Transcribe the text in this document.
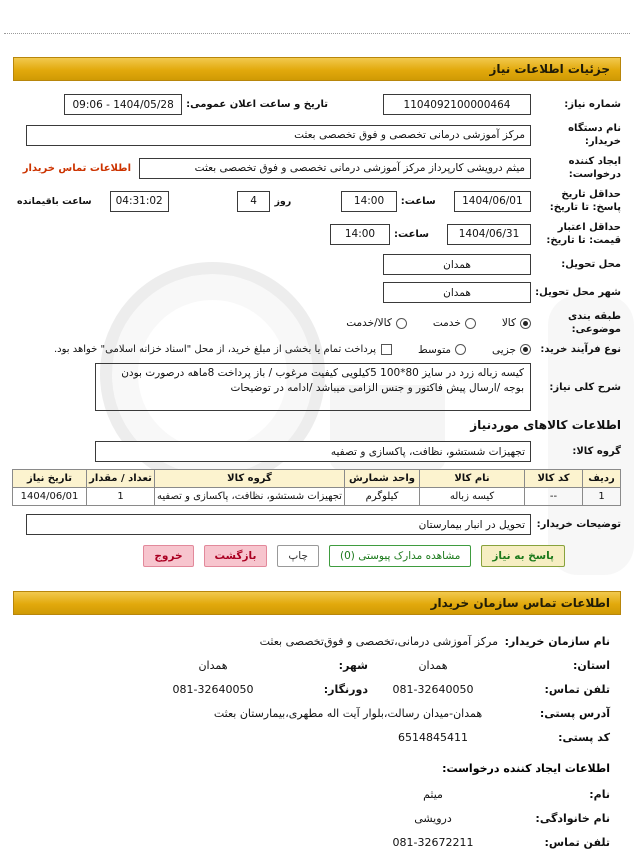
جزئیات اطلاعات نیاز
شماره نیاز:
1104092100000464
تاریخ و ساعت اعلان عمومی:
1404/05/28 - 09:06
نام دستگاه خریدار:
مرکز آموزشی درمانی تخصصی و فوق تخصصی بعثت
ایجاد کننده درخواست:
میثم درویشی کارپرداز مرکز آموزشی درمانی تخصصی و فوق تخصصی بعثت
اطلاعات تماس خریدار
حداقل تاریخ پاسخ: تا تاریخ:
1404/06/01
ساعت:
14:00
روز
4
04:31:02
ساعت باقیمانده
حداقل اعتبار قیمت: تا تاریخ:
1404/06/31
ساعت:
14:00
محل تحویل:
همدان
شهر محل تحویل:
همدان
طبقه بندی موضوعی:
کالا
خدمت
کالا/خدمت
نوع فرآیند خرید:
جزیی
متوسط
پرداخت تمام یا بخشی از مبلغ خرید، از محل "اسناد خزانه اسلامی" خواهد بود.
شرح کلی نیاز:
کیسه زباله زرد در سایز 80*100 5کیلویی کیفیت مرغوب / باز پرداخت 8ماهه درصورت بودن بوجه /ارسال پیش فاکتور و جنس الزامی میباشد /ادامه در توضیحات
اطلاعات کالاهای موردنیاز
گروه کالا:
تجهیزات شستشو، نظافت، پاکسازی و تصفیه
ردیف	کد کالا	نام کالا	واحد شمارش	گروه کالا	تعداد / مقدار	تاریخ نیاز
1	--	کیسه زباله	کیلوگرم	تجهیزات شستشو، نظافت، پاکسازی و تصفیه	1	1404/06/01
توضیحات خریدار:
تحویل در انبار بیمارستان
پاسخ به نیاز
مشاهده مدارک پیوستی (0)
چاپ
بازگشت
خروج
اطلاعات تماس سازمان خریدار
نام سازمان خریدار:
مرکز آموزشی درمانی،تخصصی و فوق‌تخصصی بعثت
استان:
همدان
شهر:
همدان
تلفن تماس:
081-32640050
دورنگار:
081-32640050
آدرس پستی:
همدان-میدان رسالت،بلوار آیت اله مطهری،بیمارستان بعثت
کد پستی:
6514845411
اطلاعات ایجاد کننده درخواست:
نام:
میثم
نام خانوادگی:
درویشی
تلفن تماس:
081-32672211
